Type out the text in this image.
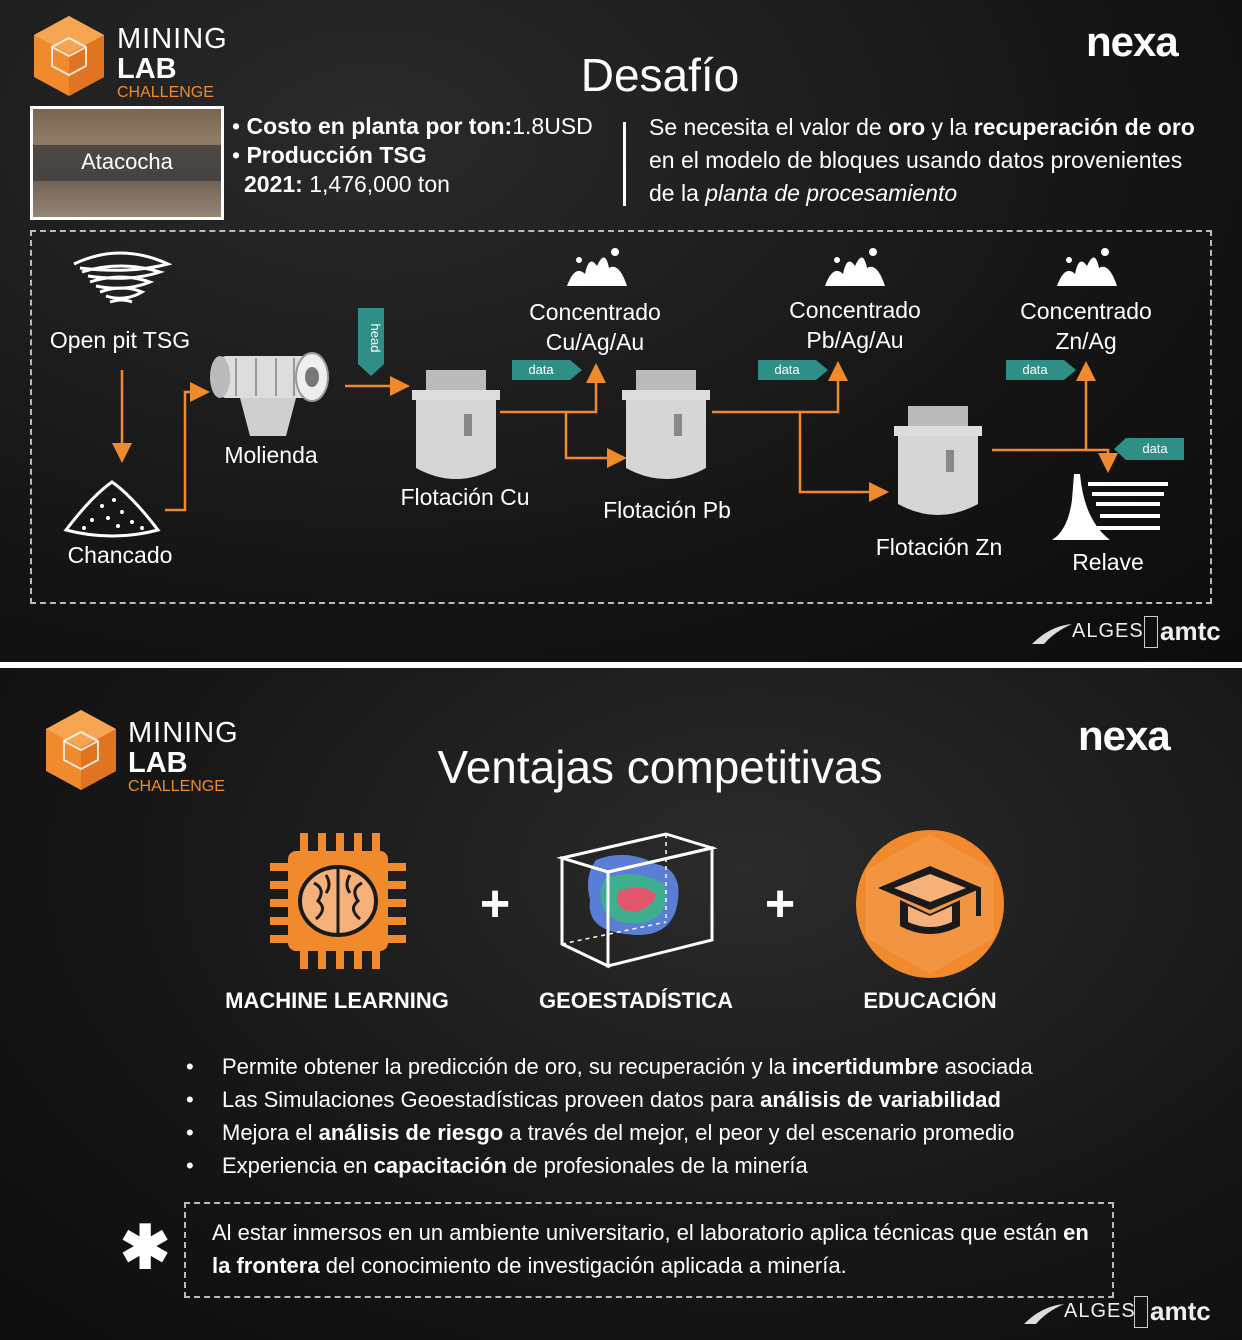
MINING
LAB
CHALLENGE
nexa
Desafío
Atacocha
• Costo en planta por ton:1.8USD
• Producción TSG
2021: 1,476,000 ton
Se necesita el valor de oro y la recuperación de oro en el modelo de bloques usando datos provenientes de la planta de procesamiento
Open pit TSG
Chancado
Molienda
head
Flotación Cu	Flotación Pb
Flotación Zn
Relave
Concentrado
Cu/Ag/Au
Concentrado
Pb/Ag/Au
Concentrado
Zn/Ag
data	data	data
data
ALGES amtc
MINING
LAB
CHALLENGE
nexa
Ventajas competitivas
MACHINE LEARNING
+
GEOESTADÍSTICA
+
EDUCACIÓN
• Permite obtener la predicción de oro, su recuperación y la incertidumbre asociada
• Las Simulaciones Geoestadísticas proveen datos para análisis de variabilidad
• Mejora el análisis de riesgo a través del mejor, el peor y del escenario promedio
• Experiencia en capacitación de profesionales de la minería
✱ Al estar inmersos en un ambiente universitario, el laboratorio aplica técnicas que están en la frontera del conocimiento de investigación aplicada a minería.
ALGES amtc
